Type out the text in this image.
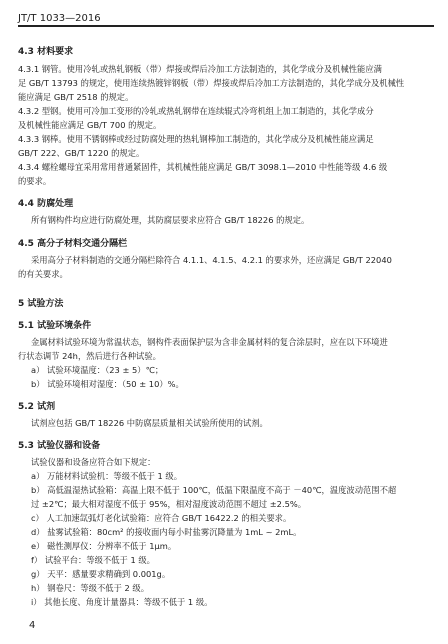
JT/T 1033—2016
4.3 材料要求
4.3.1 钢管。使用冷轧或热轧钢板（带）焊接或焊后冷加工方法制造的，其化学成分及机械性能应满
足 GB/T 13793 的规定，使用连续热镀锌钢板（带）焊接或焊后冷加工方法制造的，其化学成分及机械性
能应满足 GB/T 2518 的规定。
4.3.2 型钢。使用可冷加工变形的冷轧或热轧钢带在连续辊式冷弯机组上加工制造的，其化学成分
及机械性能应满足 GB/T 700 的规定。
4.3.3 钢棒。使用不锈钢棒或经过防腐处理的热轧钢棒加工制造的，其化学成分及机械性能应满足
GB/T 222、GB/T 1220 的规定。
4.3.4 螺栓螺母宜采用常用普通紧固件，其机械性能应满足 GB/T 3098.1—2010 中性能等级 4.6 级
的要求。
4.4 防腐处理
所有钢构件均应进行防腐处理，其防腐层要求应符合 GB/T 18226 的规定。
4.5 高分子材料交通分隔栏
采用高分子材料制造的交通分隔栏除符合 4.1.1、4.1.5、4.2.1 的要求外，还应满足 GB/T 22040
的有关要求。
5 试验方法
5.1 试验环境条件
金属材料试验环境为常温状态，钢构件表面保护层为含非金属材料的复合涂层时，应在以下环境进
行状态调节 24h，然后进行各种试验。
a） 试验环境温度：（23 ± 5）℃；
b） 试验环境相对湿度：（50 ± 10）%。
5.2 试剂
试剂应包括 GB/T 18226 中防腐层质量相关试验所使用的试剂。
5.3 试验仪器和设备
试验仪器和设备应符合如下规定：
a） 万能材料试验机：等级不低于 1 级。
b） 高低温湿热试验箱：高温上限不低于 100℃，低温下限温度不高于 －40℃，温度波动范围不超
过 ±2℃；最大相对湿度不低于 95%，相对湿度波动范围不超过 ±2.5%。
c） 人工加速氙弧灯老化试验箱：应符合 GB/T 16422.2 的相关要求。
d） 盐雾试验箱：80cm² 的接收面内每小时盐雾沉降量为 1mL ~ 2mL。
e） 磁性测厚仪：分辨率不低于 1μm。
f） 试验平台：等级不低于 1 级。
g） 天平：感量要求精确到 0.001g。
h） 钢卷尺：等级不低于 2 级。
i） 其他长度、角度计量器具：等级不低于 1 级。
4
